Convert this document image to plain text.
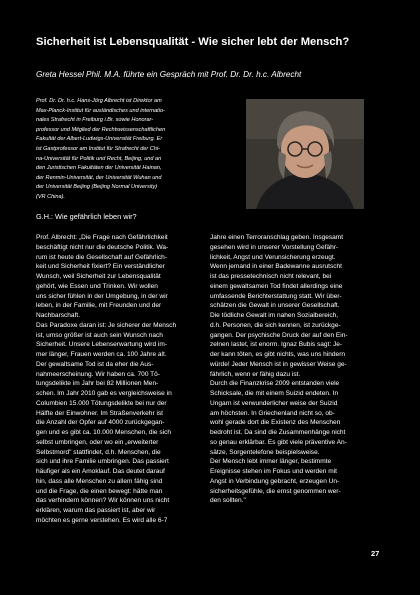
Sicherheit ist Lebensqualität - Wie sicher lebt der Mensch?

Greta Hessel Phil. M.A. führte ein Gespräch mit Prof. Dr. Dr. h.c. Albrecht

Prof. Dr. Dr. h.c. Hans-Jörg Albrecht ist Direktor am
Max-Planck-Institut für ausländisches und internatio-
nales Strafrecht in Freiburg i.Br. sowie Honorar-
professor und Mitglied der Rechtswissenschaftlichen
Fakultät der Albert-Ludwigs-Universität Freiburg. Er
ist Gastprofessor am Institut für Strafrecht der Chi-
na-Universität für Politik und Recht, Beijing, und an
den Juristischen Fakultäten der Universität Hainan,
der Renmin-Universität, der Universität Wuhan und
der Universität Beijing (Beijing Normal University)
(VR China).
G.H.: Wie gefährlich leben wir?
Prof. Albrecht: „Die Frage nach Gefährlichkeit
beschäftigt nicht nur die deutsche Politik. Wa-
rum ist heute die Gesellschaft auf Gefährlich-
keit und Sicherheit fixiert? Ein verständlicher
Wunsch, weil Sicherheit zur Lebensqualität
gehört, wie Essen und Trinken. Wir wollen
uns sicher fühlen in der Umgebung, in der wir
leben, in der Familie, mit Freunden und der
Nachbarschaft.
Das Paradoxe daran ist: Je sicherer der Mensch
ist, umso größer ist auch sein Wunsch nach
Sicherheit. Unsere Lebenserwartung wird im-
mer länger, Frauen werden ca. 100 Jahre alt.
Der gewaltsame Tod ist da eher die Aus-
nahmeerscheinung. Wir haben ca. 700 Tö-
tungsdelikte im Jahr bei 82 Millionen Men-
schen. Im Jahr 2010 gab es vergleichsweise in
Columbien 15.000 Tötungsdelikte bei nur der
Hälfte der Einwohner. Im Straßenverkehr ist
die Anzahl der Opfer auf 4000 zurückgegan-
gen und es gibt ca. 10.000 Menschen, die sich
selbst umbringen, oder wo ein „erweiterter
Selbstmord" stattfindet, d.h. Menschen, die
sich und ihre Familie umbringen. Das passiert
häufiger als ein Amoklauf. Das deutet darauf
hin, dass alle Menschen zu allem fähig sind
und die Frage, die einen bewegt: hätte man
das verhindern können? Wir können uns nicht
erklären, warum das passiert ist, aber wir
möchten es gerne verstehen. Es wird alle 6-7
Jahre einen Terroranschlag geben. Insgesamt
gesehen wird in unserer Vorstellung Gefähr-
lichkeit, Angst und Verunsicherung erzeugt.
Wenn jemand in einer Badewanne ausrutscht
ist das pressetechnisch nicht relevant, bei
einem gewaltsamen Tod findet allerdings eine
umfassende Berichterstattung statt. Wir über-
schätzen die Gewalt in unserer Gesellschaft.
Die tödliche Gewalt im nahen Sozialbereich,
d.h. Personen, die sich kennen, ist zurückge-
gangen. Der psychische Druck der auf den Ein-
zelnen lastet, ist enorm. Ignaz Bubis sagt: Je-
der kann töten, es gibt nichts, was uns hindern
würde! Jeder Mensch ist in gewisser Weise ge-
fährlich, wenn er fähig dazu ist.
Durch die Finanzkrise 2009 entstanden viele
Schicksale, die mit einem Suizid endeten. In
Ungarn ist verwunderlicher weise der Suizid
am höchsten. In Griechenland nicht so, ob-
wohl gerade dort die Existenz des Menschen
bedroht ist. Da sind die Zusammenhänge nicht
so genau erklärbar. Es gibt viele präventive An-
sätze, Sorgentelefone beispielsweise.
Der Mensch lebt immer länger, bestimmte
Ereignisse stehen im Fokus und werden mit
Angst in Verbindung gebracht, erzeugen Un-
sicherheitsgefühle, die ernst genommen wer-
den sollten."
27
